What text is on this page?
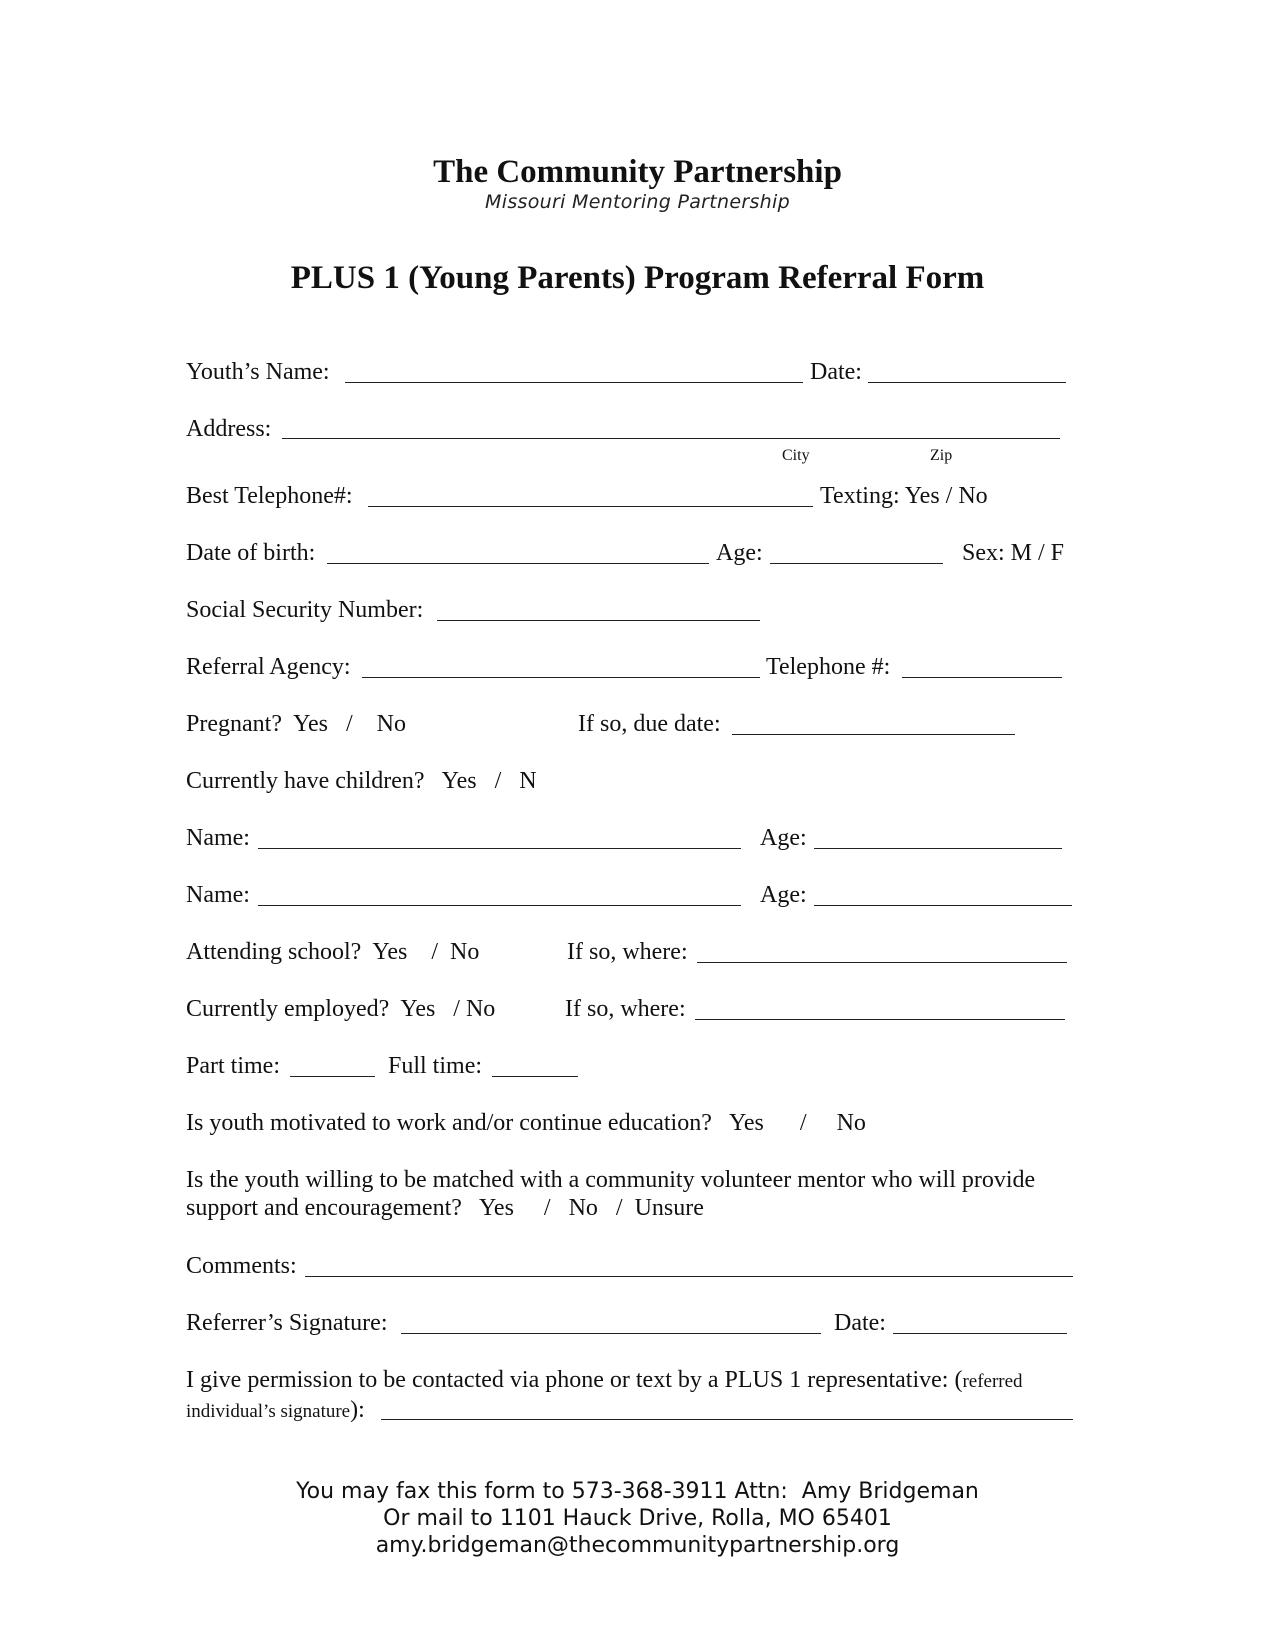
The Community Partnership
Missouri Mentoring Partnership
PLUS 1 (Young Parents) Program Referral Form
Youth’s Name:	Date:
Address:
City	Zip
Best Telephone#:	Texting: Yes / No
Date of birth:	Age:	Sex: M / F
Social Security Number:
Referral Agency:	Telephone #:
Pregnant?  Yes   /    No	If so, due date:
Currently have children?   Yes   /   N
Name:	Age:
Name:	Age:
Attending school?  Yes    /  No	If so, where:
Currently employed?  Yes   / No	If so, where:
Part time:	Full time:
Is youth motivated to work and/or continue education?   Yes      /     No
Is the youth willing to be matched with a community volunteer mentor who will provide
support and encouragement?   Yes     /   No   /  Unsure
Comments:
Referrer’s Signature:	Date:
I give permission to be contacted via phone or text by a PLUS 1 representative: (referred
individual’s signature):
You may fax this form to 573-368-3911 Attn:  Amy Bridgeman
Or mail to 1101 Hauck Drive, Rolla, MO 65401
amy.bridgeman@thecommunitypartnership.org
